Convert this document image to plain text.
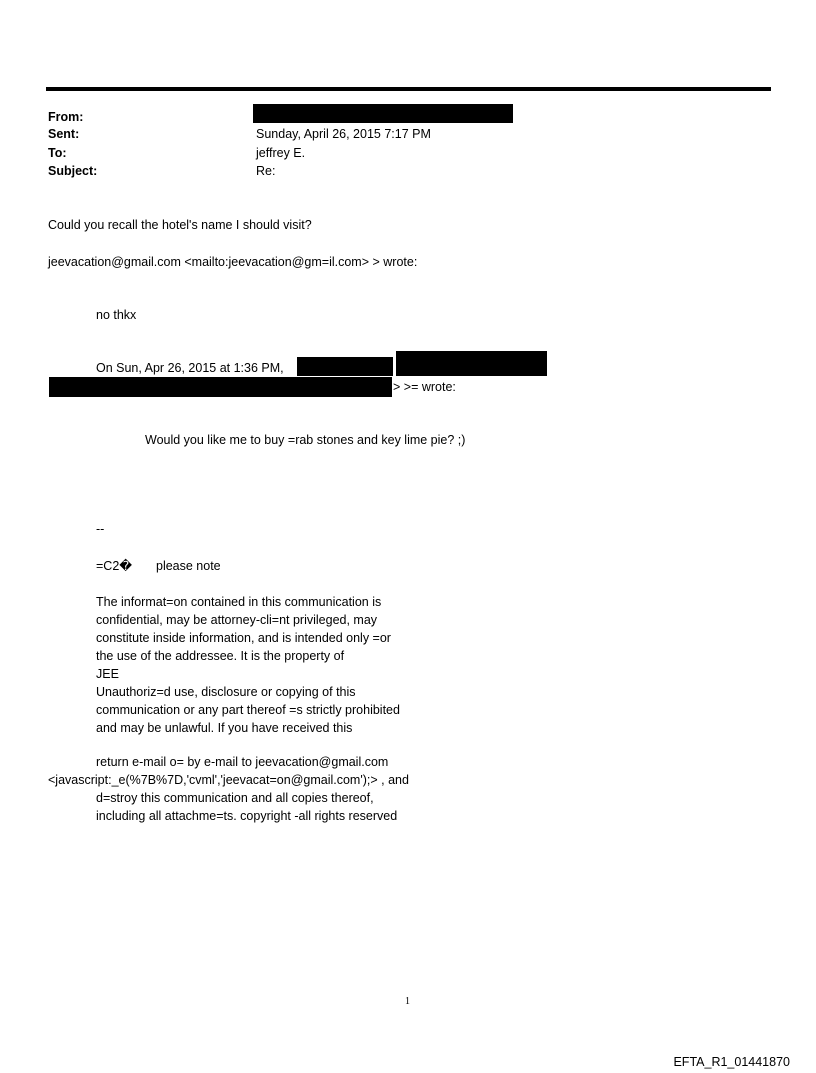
From:
Sent:
To:
Subject:
Sunday, April 26, 2015 7:17 PM
jeffrey E.
Re:
Could you recall the hotel's name I should visit?
jeevacation@gmail.com <mailto:jeevacation@gm=il.com> > wrote:
no thkx
On Sun, Apr 26, 2015 at 1:36 PM,
> >= wrote:
Would you like me to buy =rab stones and key lime pie? ;)
--
=C2� please note
The informat=on contained in this communication is
confidential, may be attorney-cli=nt privileged, may
constitute inside information, and is intended only =or
the use of the addressee. It is the property of
JEE
Unauthoriz=d use, disclosure or copying of this
communication or any part thereof =s strictly prohibited
and may be unlawful. If you have received this
return e-mail o= by e-mail to jeevacation@gmail.com
<javascript:_e(%7B%7D,'cvml','jeevacat=on@gmail.com');> , and
d=stroy this communication and all copies thereof,
including all attachme=ts. copyright -all rights reserved
1
EFTA_R1_01441870
